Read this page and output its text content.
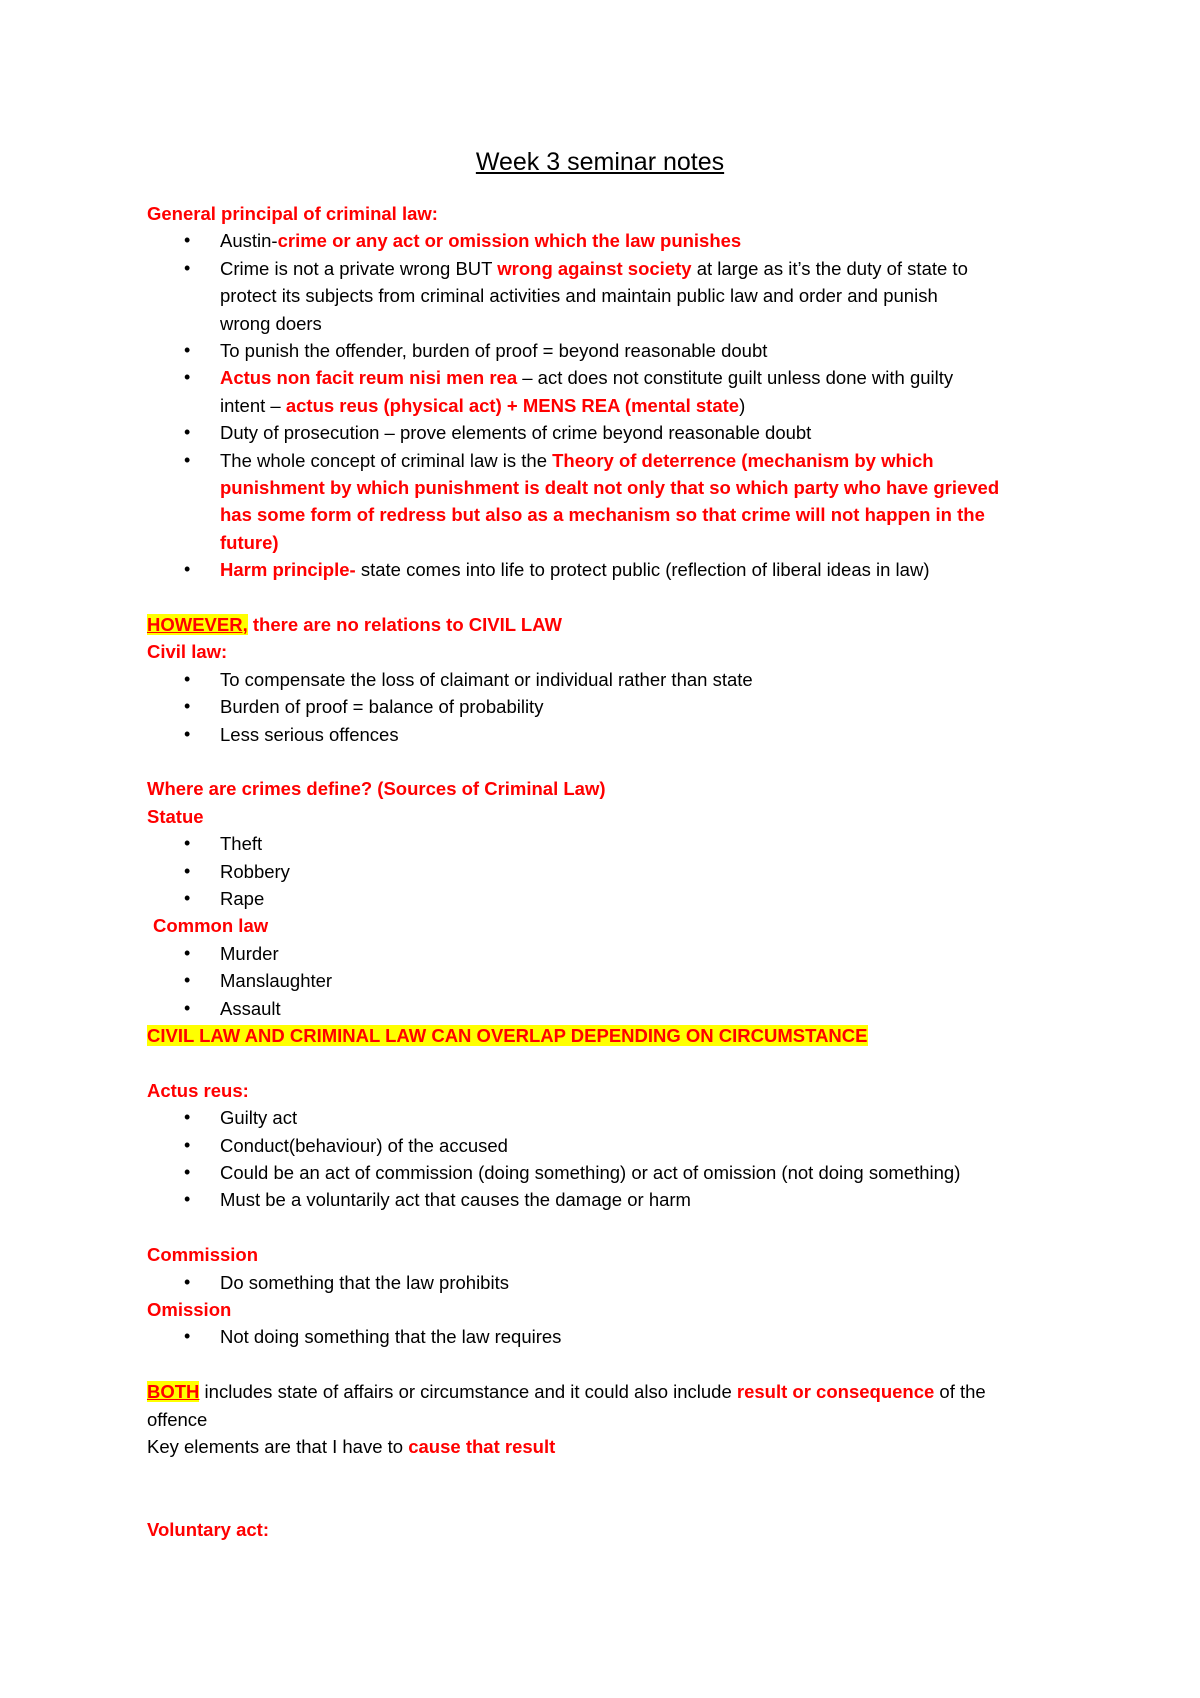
Week 3 seminar notes
General principal of criminal law:
• Austin-crime or any act or omission which the law punishes
• Crime is not a private wrong BUT wrong against society at large as it’s the duty of state to
protect its subjects from criminal activities and maintain public law and order and punish
wrong doers
• To punish the offender, burden of proof = beyond reasonable doubt
• Actus non facit reum nisi men rea – act does not constitute guilt unless done with guilty
intent – actus reus (physical act) + MENS REA (mental state)
• Duty of prosecution – prove elements of crime beyond reasonable doubt
• The whole concept of criminal law is the Theory of deterrence (mechanism by which
punishment by which punishment is dealt not only that so which party who have grieved
has some form of redress but also as a mechanism so that crime will not happen in the
future)
• Harm principle- state comes into life to protect public (reflection of liberal ideas in law)
HOWEVER, there are no relations to CIVIL LAW
Civil law:
• To compensate the loss of claimant or individual rather than state
• Burden of proof = balance of probability
• Less serious offences
Where are crimes define? (Sources of Criminal Law)
Statue
• Theft
• Robbery
• Rape
Common law
• Murder
• Manslaughter
• Assault
CIVIL LAW AND CRIMINAL LAW CAN OVERLAP DEPENDING ON CIRCUMSTANCE
Actus reus:
• Guilty act
• Conduct(behaviour) of the accused
• Could be an act of commission (doing something) or act of omission (not doing something)
• Must be a voluntarily act that causes the damage or harm
Commission
• Do something that the law prohibits
Omission
• Not doing something that the law requires
BOTH includes state of affairs or circumstance and it could also include result or consequence of the
offence
Key elements are that I have to cause that result
Voluntary act:
